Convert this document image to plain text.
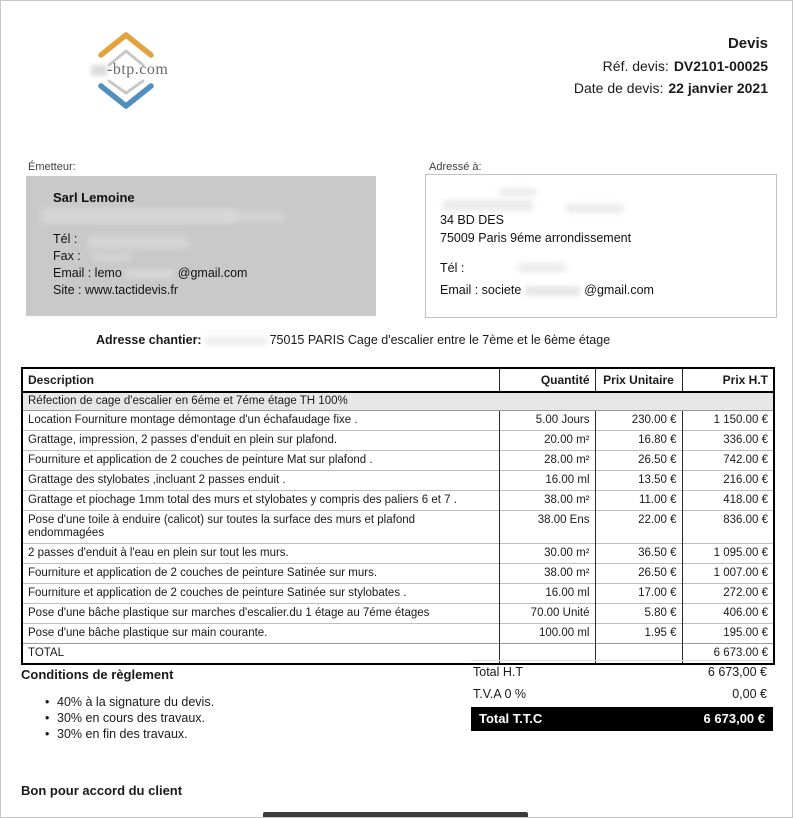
-btp.com
Devis
Réf. devis: DV2101-00025
Date de devis: 22 janvier 2021
Émetteur:
Sarl Lemoine
Tél :
Fax :
Email : lemo	@gmail.com
Site : www.tactidevis.fr
Adressé à:
34 BD DES
75009 Paris 9éme arrondissement
Tél :
Email : societe	@gmail.com
Adresse chantier:	75015 PARIS Cage d'escalier entre le 7ème et le 6ème étage
Description	Quantité	Prix Unitaire	Prix H.T
Réfection de cage d'escalier en 6éme et 7éme étage TH 100%			
Location Fourniture montage démontage d'un échafaudage fixe .	5.00 Jours	230.00 €	1 150.00 €
Grattage, impression, 2 passes d'enduit en plein sur plafond.	20.00 m²	16.80 €	336.00 €
Fourniture et application de 2 couches de peinture Mat sur plafond .	28.00 m²	26.50 €	742.00 €
Grattage des stylobates ,incluant 2 passes enduit .	16.00 ml	13.50 €	216.00 €
Grattage et piochage 1mm total des murs et stylobates y compris des paliers 6 et 7 .	38.00 m²	11.00 €	418.00 €
Pose d'une toile à enduire (calicot) sur toutes la surface des murs et plafond endommagées	38.00 Ens	22.00 €	836.00 €
2 passes d'enduit à l'eau en plein sur tout les murs.	30.00 m²	36.50 €	1 095.00 €
Fourniture et application de 2 couches de peinture Satinée sur murs.	38.00 m²	26.50 €	1 007.00 €
Fourniture et application de 2 couches de peinture Satinée sur stylobates .	16.00 ml	17.00 €	272.00 €
Pose d'une bâche plastique sur marches d'escalier.du 1 étage au 7éme étages	70.00 Unité	5.80 €	406.00 €
Pose d'une bâche plastique sur main courante.	100.00 ml	1.95 €	195.00 €
TOTAL			6 673.00 €
Conditions de règlement
• 40% à la signature du devis.
• 30% en cours des travaux.
• 30% en fin des travaux.
Total H.T	6 673,00 €
T.V.A 0 %	0,00 €
Total T.T.C	6 673,00 €
Bon pour accord du client
